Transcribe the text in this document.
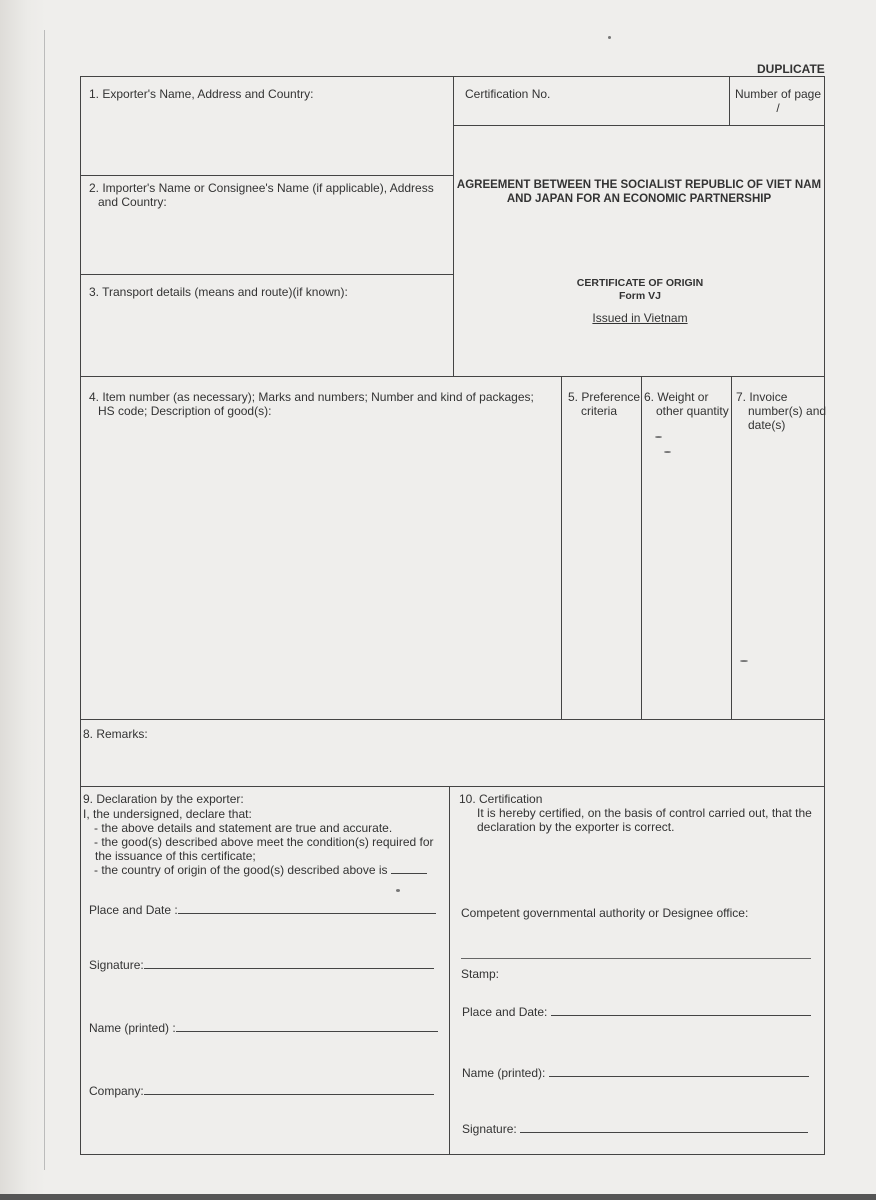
DUPLICATE
1. Exporter's Name, Address and Country:	Certification No.	Number of page
/
AGREEMENT BETWEEN THE SOCIALIST REPUBLIC OF VIET NAM
AND JAPAN FOR AN ECONOMIC PARTNERSHIP
2. Importer's Name or Consignee's Name (if applicable), Address
and Country:
3. Transport details (means and route)(if known):
CERTIFICATE OF ORIGIN
Form VJ
Issued in Vietnam
4. Item number (as necessary); Marks and numbers; Number and kind of packages;
HS code; Description of good(s):
5. Preference
criteria
6. Weight or
other quantity
7. Invoice
number(s) and
date(s)
8. Remarks:
9. Declaration by the exporter:
I, the undersigned, declare that:
- the above details and statement are true and accurate.
- the good(s) described above meet the condition(s) required for
the issuance of this certificate;
- the country of origin of the good(s) described above is
Place and Date :
Signature:
Name (printed) :
Company:
10. Certification
It is hereby certified, on the basis of control carried out, that the
declaration by the exporter is correct.
Competent governmental authority or Designee office:
Stamp:
Place and Date:
Name (printed):
Signature:
